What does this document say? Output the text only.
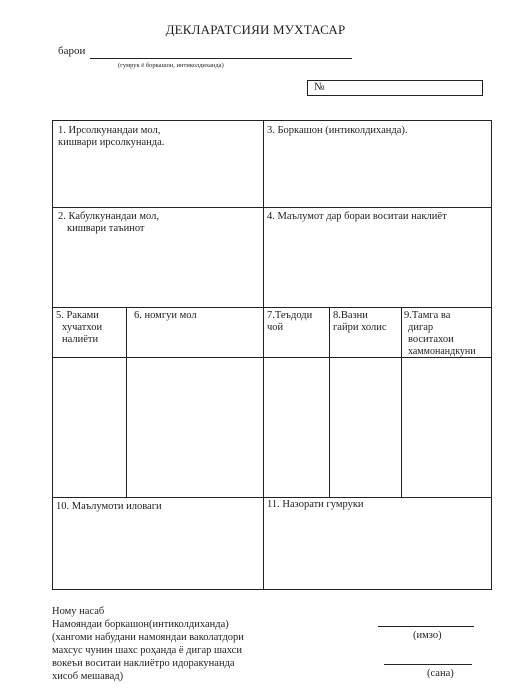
ДЕКЛАРАТСИЯИ МУХТАСАР
барои
(гумрук ё боркашон, интиколдиханда)
№
1. Ирсолкунандаи мол,
кишвари ирсолкунанда.
3. Боркашон (интиколдиханда).
2. Кабулкунандаи мол,
кишвари таъинот
4. Маълумот дар бораи воситаи наклиёт
5. Раками
хучатхои
налиёти
6. номгуи мол	7.Теъдоди
чой
8.Вазни
гайри холис
9.Тамга ва
дигар
воситахои
хаммонандкуни
10. Маълумоти иловаги	11. Назорати гумруки
Ному насаб
Намояндаи боркашон(интиколдиханда)
(хангоми набудани намояндаи ваколатдори
махсус чунин шахс роҳанда ё дигар шахси
вокеъи воситаи наклиётро идоракунанда
хисоб мешавад)
(имзо)
(сана)
